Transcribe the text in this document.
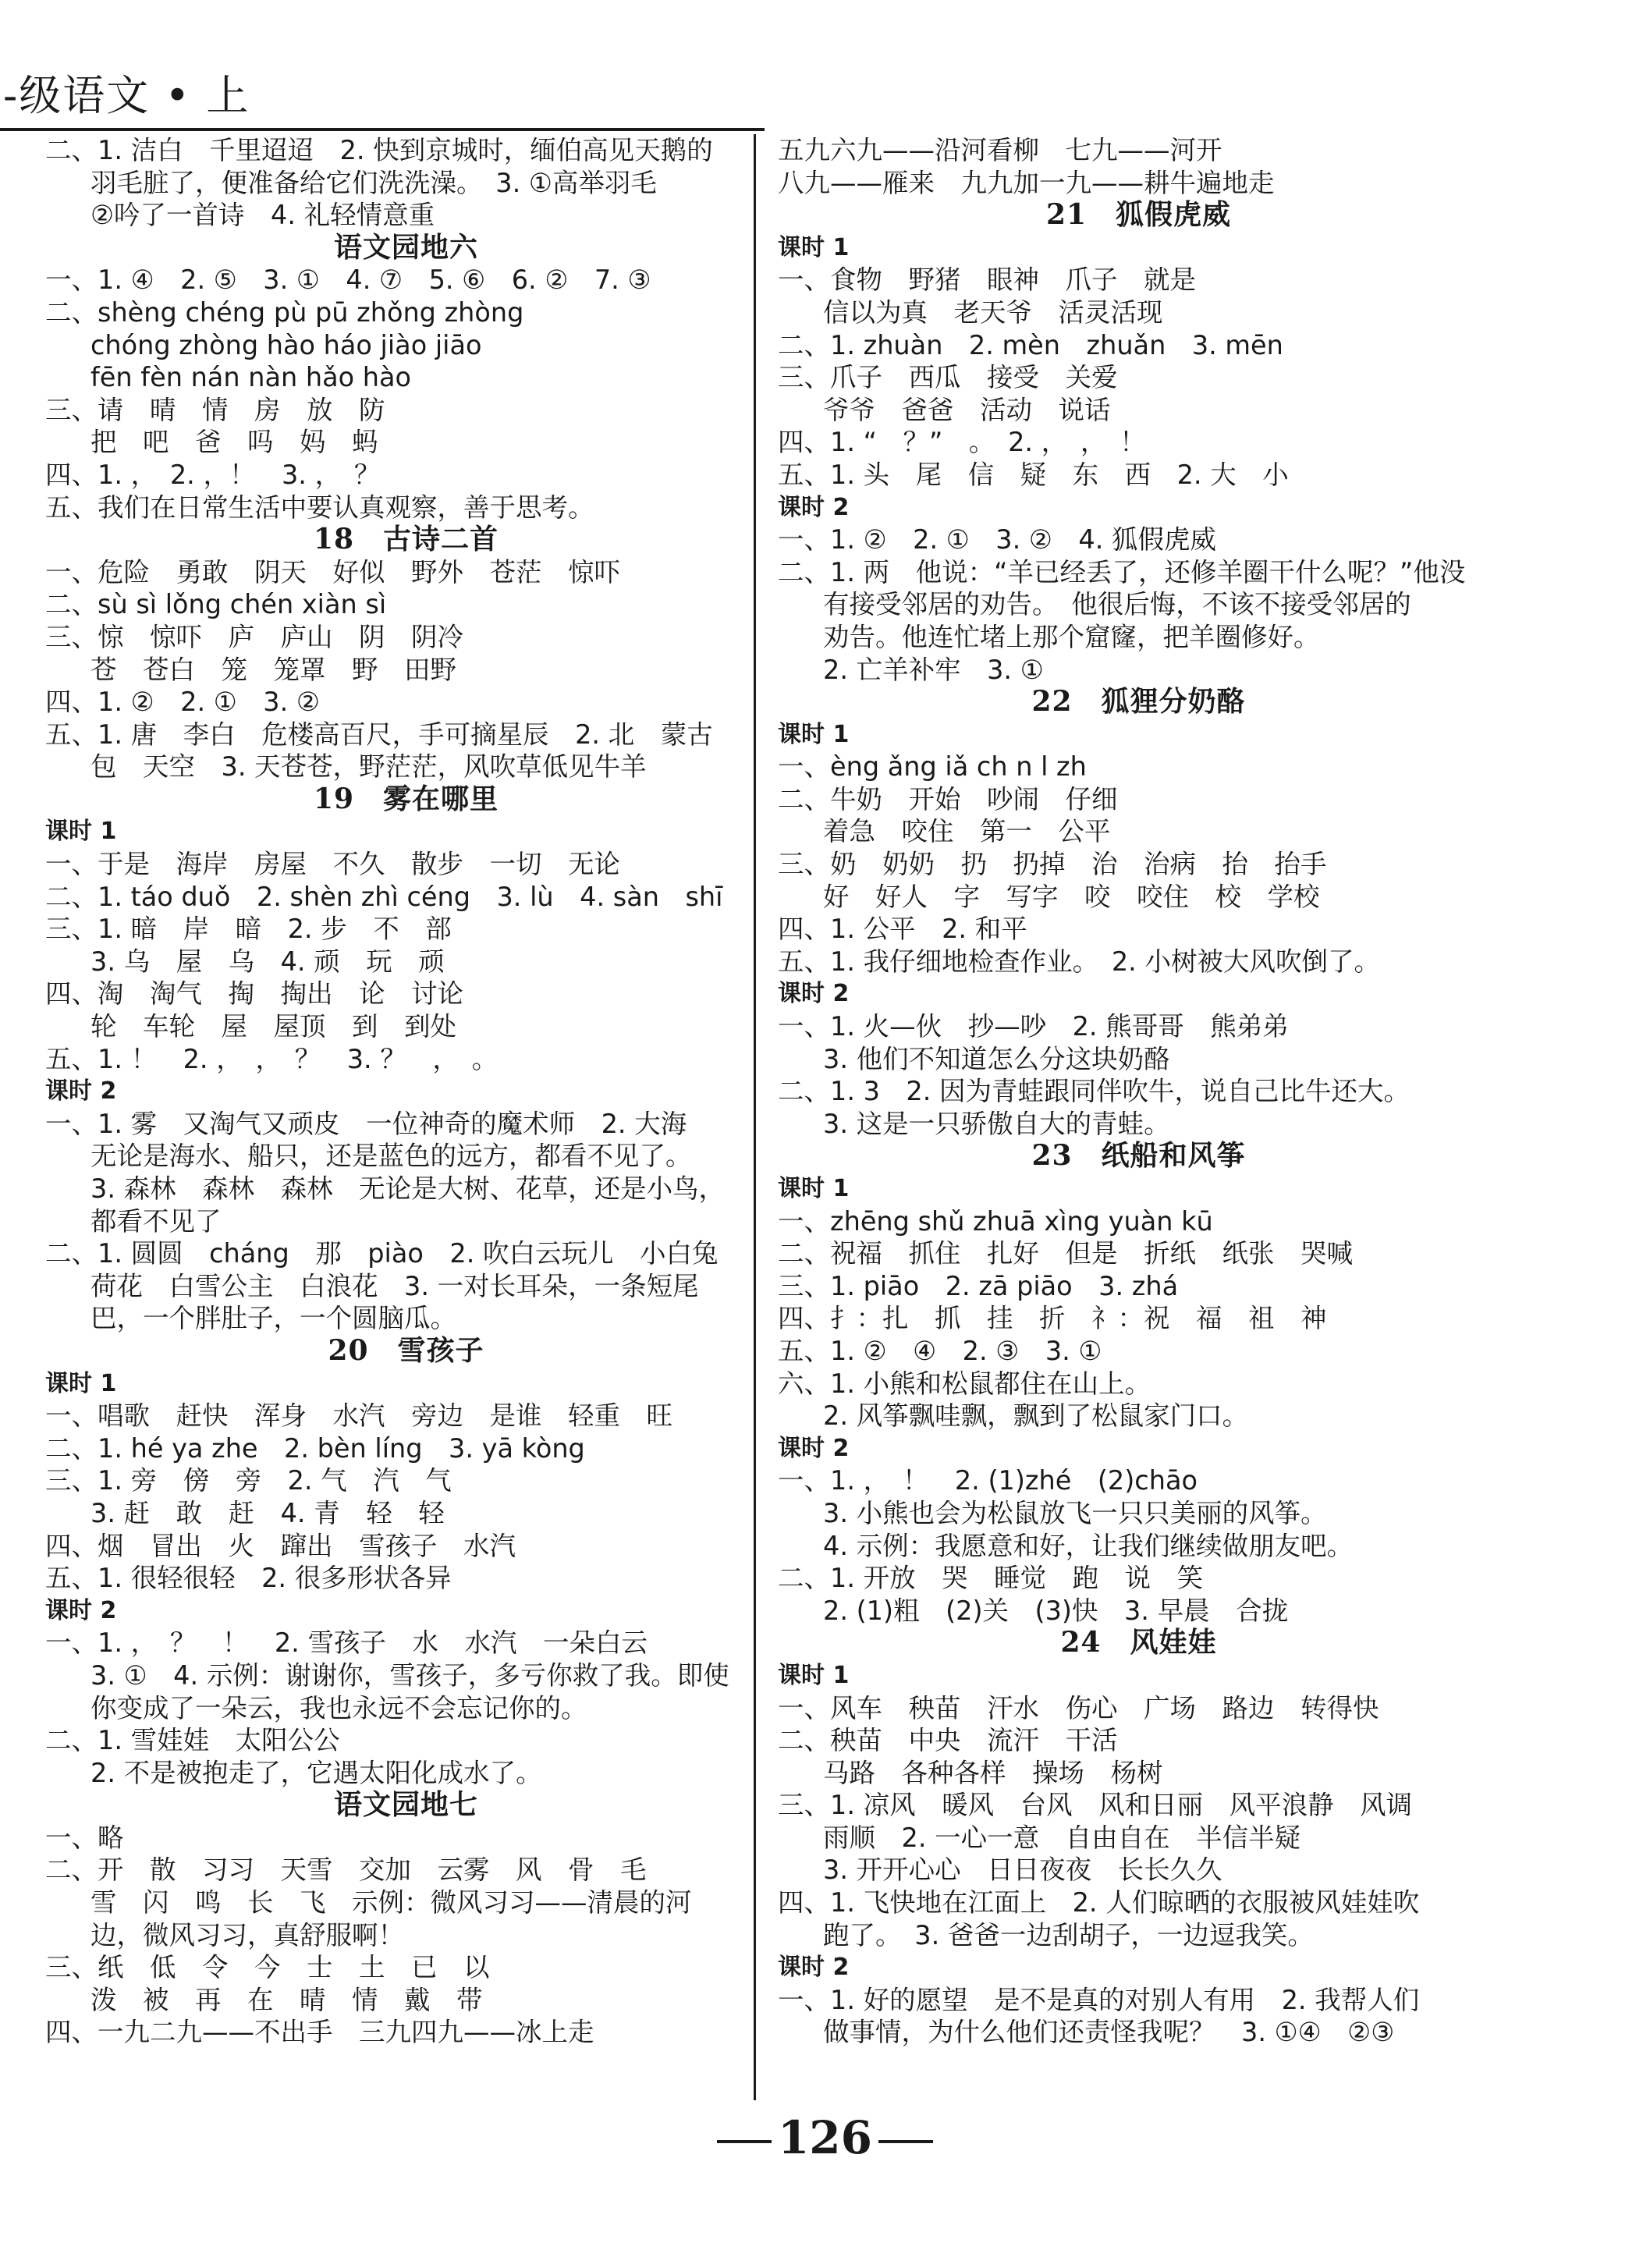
-级语文 • 上
二、1. 洁白　千里迢迢　2. 快到京城时，缅伯高见天鹅的
羽毛脏了，便准备给它们洗洗澡。　3. ①高举羽毛
②吟了一首诗　4. 礼轻情意重
语文园地六
一、1. ④　2. ⑤　3. ①　4. ⑦　5. ⑥　6. ②　7. ③
二、shèng chéng pù pū zhǒng zhòng
chóng zhòng hào háo jiào jiāo
fēn fèn nán nàn hǎo hào
三、请　晴　情　房　放　防
把　吧　爸　吗　妈　蚂
四、1. ，　2. ，！　3. ，　？
五、我们在日常生活中要认真观察，善于思考。
18　古诗二首
一、危险　勇敢　阴天　好似　野外　苍茫　惊吓
二、sù sì lǒng chén xiàn sì
三、惊　惊吓　庐　庐山　阴　阴冷
苍　苍白　笼　笼罩　野　田野
四、1. ②　2. ①　3. ②
五、1. 唐　李白　危楼高百尺，手可摘星辰　2. 北　蒙古
包　天空　3. 天苍苍，野茫茫，风吹草低见牛羊
19　雾在哪里
课时 1
一、于是　海岸　房屋　不久　散步　一切　无论
二、1. táo duǒ　2. shèn zhì céng　3. lù　4. sàn　shī
三、1. 暗　岸　暗　2. 步　不　部
3. 乌　屋　乌　4. 顽　玩　顽
四、淘　淘气　掏　掏出　论　讨论
轮　车轮　屋　屋顶　到　到处
五、1. ！　2. ，　，　？　3. ？　，　。
课时 2
一、1. 雾　又淘气又顽皮　一位神奇的魔术师　2. 大海
无论是海水、船只，还是蓝色的远方，都看不见了。
3. 森林　森林　森林　无论是大树、花草，还是小鸟，
都看不见了
二、1. 圆圆　cháng　那　piào　2. 吹白云玩儿　小白兔
荷花　白雪公主　白浪花　3. 一对长耳朵，一条短尾
巴，一个胖肚子，一个圆脑瓜。
20　雪孩子
课时 1
一、唱歌　赶快　浑身　水汽　旁边　是谁　轻重　旺
二、1. hé ya zhe　2. bèn líng　3. yā kòng
三、1. 旁　傍　旁　2. 气　汽　气
3. 赶　敢　赶　4. 青　轻　轻
四、烟　冒出　火　蹿出　雪孩子　水汽
五、1. 很轻很轻　2. 很多形状各异
课时 2
一、1. ，　？　！　2. 雪孩子　水　水汽　一朵白云
3. ①　4. 示例：谢谢你，雪孩子，多亏你救了我。即使
你变成了一朵云，我也永远不会忘记你的。
二、1. 雪娃娃　太阳公公
2. 不是被抱走了，它遇太阳化成水了。
语文园地七
一、略
二、开　散　习习　天雪　交加　云雾　风　骨　毛
雪　闪　鸣　长　飞　示例：微风习习——清晨的河
边，微风习习，真舒服啊！
三、纸　低　令　今　士　土　已　以
泼　被　再　在　晴　情　戴　带
四、一九二九——不出手　三九四九——冰上走
五九六九——沿河看柳　七九——河开
八九——雁来　九九加一九——耕牛遍地走
21　狐假虎威
课时 1
一、食物　野猪　眼神　爪子　就是
信以为真　老天爷　活灵活现
二、1. zhuàn　2. mèn　zhuǎn　3. mēn
三、爪子　西瓜　接受　关爱
爷爷　爸爸　活动　说话
四、1. “　？”　。　2. ，　，　！
五、1. 头　尾　信　疑　东　西　2. 大　小
课时 2
一、1. ②　2. ①　3. ②　4. 狐假虎威
二、1. 两　他说：“羊已经丢了，还修羊圈干什么呢？”他没
有接受邻居的劝告。　他很后悔，不该不接受邻居的
劝告。他连忙堵上那个窟窿，把羊圈修好。
2. 亡羊补牢　3. ①
22　狐狸分奶酪
课时 1
一、èng ǎng iǎ ch n l zh
二、牛奶　开始　吵闹　仔细
着急　咬住　第一　公平
三、奶　奶奶　扔　扔掉　治　治病　抬　抬手
好　好人　字　写字　咬　咬住　校　学校
四、1. 公平　2. 和平
五、1. 我仔细地检查作业。　2. 小树被大风吹倒了。
课时 2
一、1. 火—伙　抄—吵　2. 熊哥哥　熊弟弟
3. 他们不知道怎么分这块奶酪
二、1. 3　2. 因为青蛙跟同伴吹牛，说自己比牛还大。
3. 这是一只骄傲自大的青蛙。
23　纸船和风筝
课时 1
一、zhēng shǔ zhuā xìng yuàn kū
二、祝福　抓住　扎好　但是　折纸　纸张　哭喊
三、1. piāo　2. zā piāo　3. zhá
四、扌：扎　抓　挂　折　礻：祝　福　祖　神
五、1. ②　④　2. ③　3. ①
六、1. 小熊和松鼠都住在山上。
2. 风筝飘哇飘，飘到了松鼠家门口。
课时 2
一、1. ，　！　2. (1)zhé　(2)chāo
3. 小熊也会为松鼠放飞一只只美丽的风筝。
4. 示例：我愿意和好，让我们继续做朋友吧。
二、1. 开放　哭　睡觉　跑　说　笑
2. (1)粗　(2)关　(3)快　3. 早晨　合拢
24　风娃娃
课时 1
一、风车　秧苗　汗水　伤心　广场　路边　转得快
二、秧苗　中央　流汗　干活
马路　各种各样　操场　杨树
三、1. 凉风　暖风　台风　风和日丽　风平浪静　风调
雨顺　2. 一心一意　自由自在　半信半疑
3. 开开心心　日日夜夜　长长久久
四、1. 飞快地在江面上　2. 人们晾晒的衣服被风娃娃吹
跑了。　3. 爸爸一边刮胡子，一边逗我笑。
课时 2
一、1. 好的愿望　是不是真的对别人有用　2. 我帮人们
做事情，为什么他们还责怪我呢？　3. ①④　②③
126
